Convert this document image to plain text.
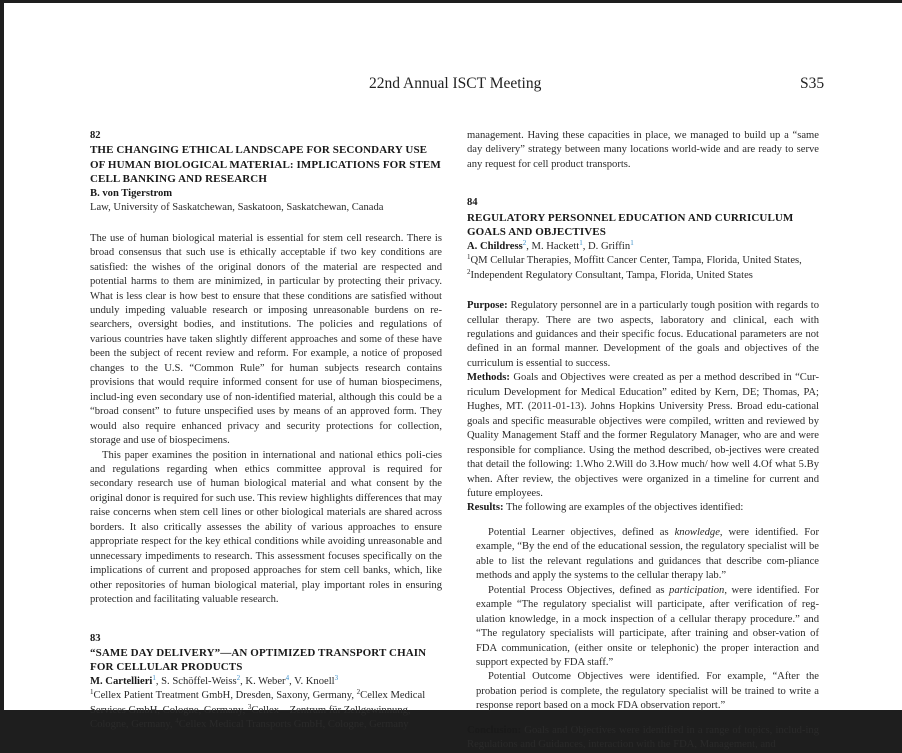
22nd Annual ISCT Meeting	S35

82

THE CHANGING ETHICAL LANDSCAPE FOR SECONDARY USE OF HUMAN BIOLOGICAL MATERIAL: IMPLICATIONS FOR STEM CELL BANKING AND RESEARCH

B. von Tigerstrom

Law, University of Saskatchewan, Saskatoon, Saskatchewan, Canada

The use of human biological material is essential for stem cell research. There is broad consensus that such use is ethically acceptable if two key conditions are satisfied: the wishes of the original donors of the material are respected and potential harms to them are minimized, in particular by protecting their privacy. What is less clear is how best to ensure that these conditions are satisfied without unduly impeding valuable research or imposing unreasonable burdens on re-searchers, oversight bodies, and institutions. The policies and regulations of various countries have taken slightly different approaches and some of these have been the subject of recent review and reform. For example, a notice of proposed changes to the U.S. “Common Rule” for human subjects research contains provisions that would require informed consent for use of human biospecimens, includ-ing even secondary use of non-identified material, although this could be a “broad consent” to future unspecified uses by means of an approved form. They would also require enhanced privacy and security protections for collection, storage and use of biospecimens.

This paper examines the position in international and national ethics poli-cies and regulations regarding when ethics committee approval is required for secondary research use of human biological material and what consent by the original donor is required for such use. This review highlights differences that may raise concerns when stem cell lines or other biological materials are shared across borders. It also critically assesses the ability of various approaches to ensure appropriate respect for the key ethical conditions while avoiding unreasonable and unnecessary impediments to research. This assessment focuses specifically on the implications of current and proposed approaches for stem cell banks, which, like other repositories of human biological material, play important roles in ensuring protection and facilitating valuable research.

83

“SAME DAY DELIVERY”—AN OPTIMIZED TRANSPORT CHAIN FOR CELLULAR PRODUCTS

M. Cartellieri$^1$, S. Schöffel-Weiss$^2$, K. Weber$^4$, V. Knoell$^3$

$^1$Cellex Patient Treatment GmbH, Dresden, Saxony, Germany, $^2$Cellex Medical Services GmbH, Cologne, Germany, $^3$Cellex—Zentrum für Zellgewinnung, Cologne, Germany, $^4$Cellex Medical Transports GmbH, Cologne, Germany

management. Having these capacities in place, we managed to build up a “same day delivery” strategy between many locations world-wide and are ready to serve any request for cell product transports.

84

REGULATORY PERSONNEL EDUCATION AND CURRICULUM GOALS AND OBJECTIVES

A. Childress$^2$, M. Hackett$^1$, D. Griffin$^1$

$^1$QM Cellular Therapies, Moffitt Cancer Center, Tampa, Florida, United States, $^2$Independent Regulatory Consultant, Tampa, Florida, United States

Purpose: Regulatory personnel are in a particularly tough position with regards to cellular therapy. There are two aspects, laboratory and clinical, each with regulations and guidances and their specific focus. Educational parameters are not defined in an formal manner. Development of the goals and objectives of the curriculum is essential to success.

Methods: Goals and Objectives were created as per a method described in “Cur-riculum Development for Medical Education” edited by Kern, DE; Thomas, PA; Hughes, MT. (2011-01-13). Johns Hopkins University Press. Broad edu-cational goals and specific measurable objectives were compiled, written and reviewed by Quality Management Staff and the former Regulatory Manager, who are and were responsible for compliance. Using the method described, ob-jectives were created that detail the following: 1.Who 2.Will do 3.How much/ how well 4.Of what 5.By when. After review, the objectives were organized in a timeline for current and future employees.

Results: The following are examples of the objectives identified:

Potential Learner objectives, defined as knowledge, were identified. For example, “By the end of the educational session, the regulatory specialist will be able to list the relevant regulations and guidances that describe com-pliance methods and apply the systems to the cellular therapy lab.”

Potential Process Objectives, defined as participation, were identified. For example “The regulatory specialist will participate, after verification of reg-ulation knowledge, in a mock inspection of a cellular therapy procedure.” and “The regulatory specialists will participate, after training and obser-vation of FDA communication, (either onsite or telephonic) the proper interaction and support expected by FDA staff.”

Potential Outcome Objectives were identified. For example, “After the probation period is complete, the regulatory specialist will be trained to write a response report based on a mock FDA observation report.”

Conclusion: Goals and Objectives were identified in a range of topics, includ-ing Regulations and Guidances, interaction with the FDA, Management, and
